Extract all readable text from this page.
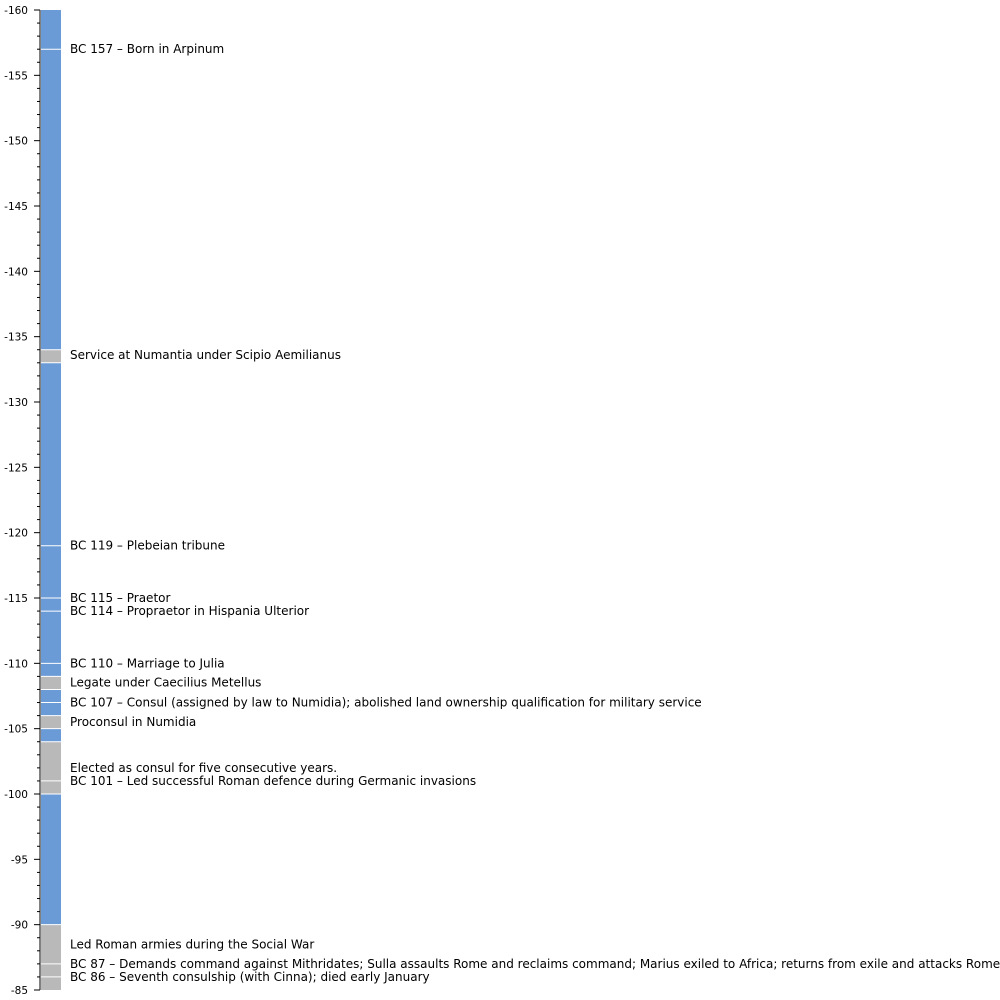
-160
-155
-150
-145
-140
-135
-130
-125
-120
-115
-110
-105
-100
-95
-90
-85
BC 157 – Born in Arpinum
Service at Numantia under Scipio Aemilianus
BC 119 – Plebeian tribune
BC 115 – Praetor
BC 114 – Propraetor in Hispania Ulterior
BC 110 – Marriage to Julia
Legate under Caecilius Metellus
BC 107 – Consul (assigned by law to Numidia); abolished land ownership qualification for military service
Proconsul in Numidia
Elected as consul for five consecutive years.
BC 101 – Led successful Roman defence during Germanic invasions
Led Roman armies during the Social War
BC 87 – Demands command against Mithridates; Sulla assaults Rome and reclaims command; Marius exiled to Africa; returns from exile and attacks Rome
BC 86 – Seventh consulship (with Cinna); died early January
